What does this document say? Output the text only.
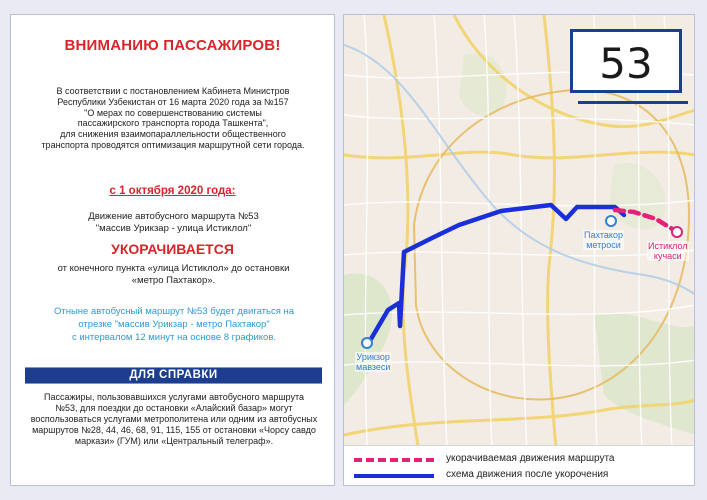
ВНИМАНИЮ ПАССАЖИРОВ!
В соответствии с постановлением Кабинета Министров
Республики Узбекистан от 16 марта 2020 года за №157
"О мерах по совершенствованию системы
пассажирского транспорта города Ташкента",
для снижения взаимопараллельности общественного
транспорта проводятся оптимизация маршрутной сети города.
с 1 октября 2020 года:
Движение автобусного маршрута №53
"массив Урикзар - улица Истиклол"
УКОРАЧИВАЕТСЯ
от конечного пункта «улица Истиклол» до остановки
«метро Пахтакор».
Отныне автобусный маршрут №53 будет двигаться на
отрезке "массив Урикзар - метро Пахтакор"
с интервалом 12 минут на основе 8 графиков.
ДЛЯ СПРАВКИ
Пассажиры, пользовавшихся услугами автобусного маршрута
№53, для поездки до остановки «Алайский базар» могут
воспользоваться услугами метрополитена или одним из автобусных
маршрутов №28, 44, 46, 68, 91, 115, 155 от остановки «Чорсу савдо
маркази» (ГУМ) или «Центральный телеграф».
Урикзор
мавзеси
Пахтакор
метроси	Истиклол
кучаси
53
укорачиваемая движения маршрута
схема движения после укорочения
